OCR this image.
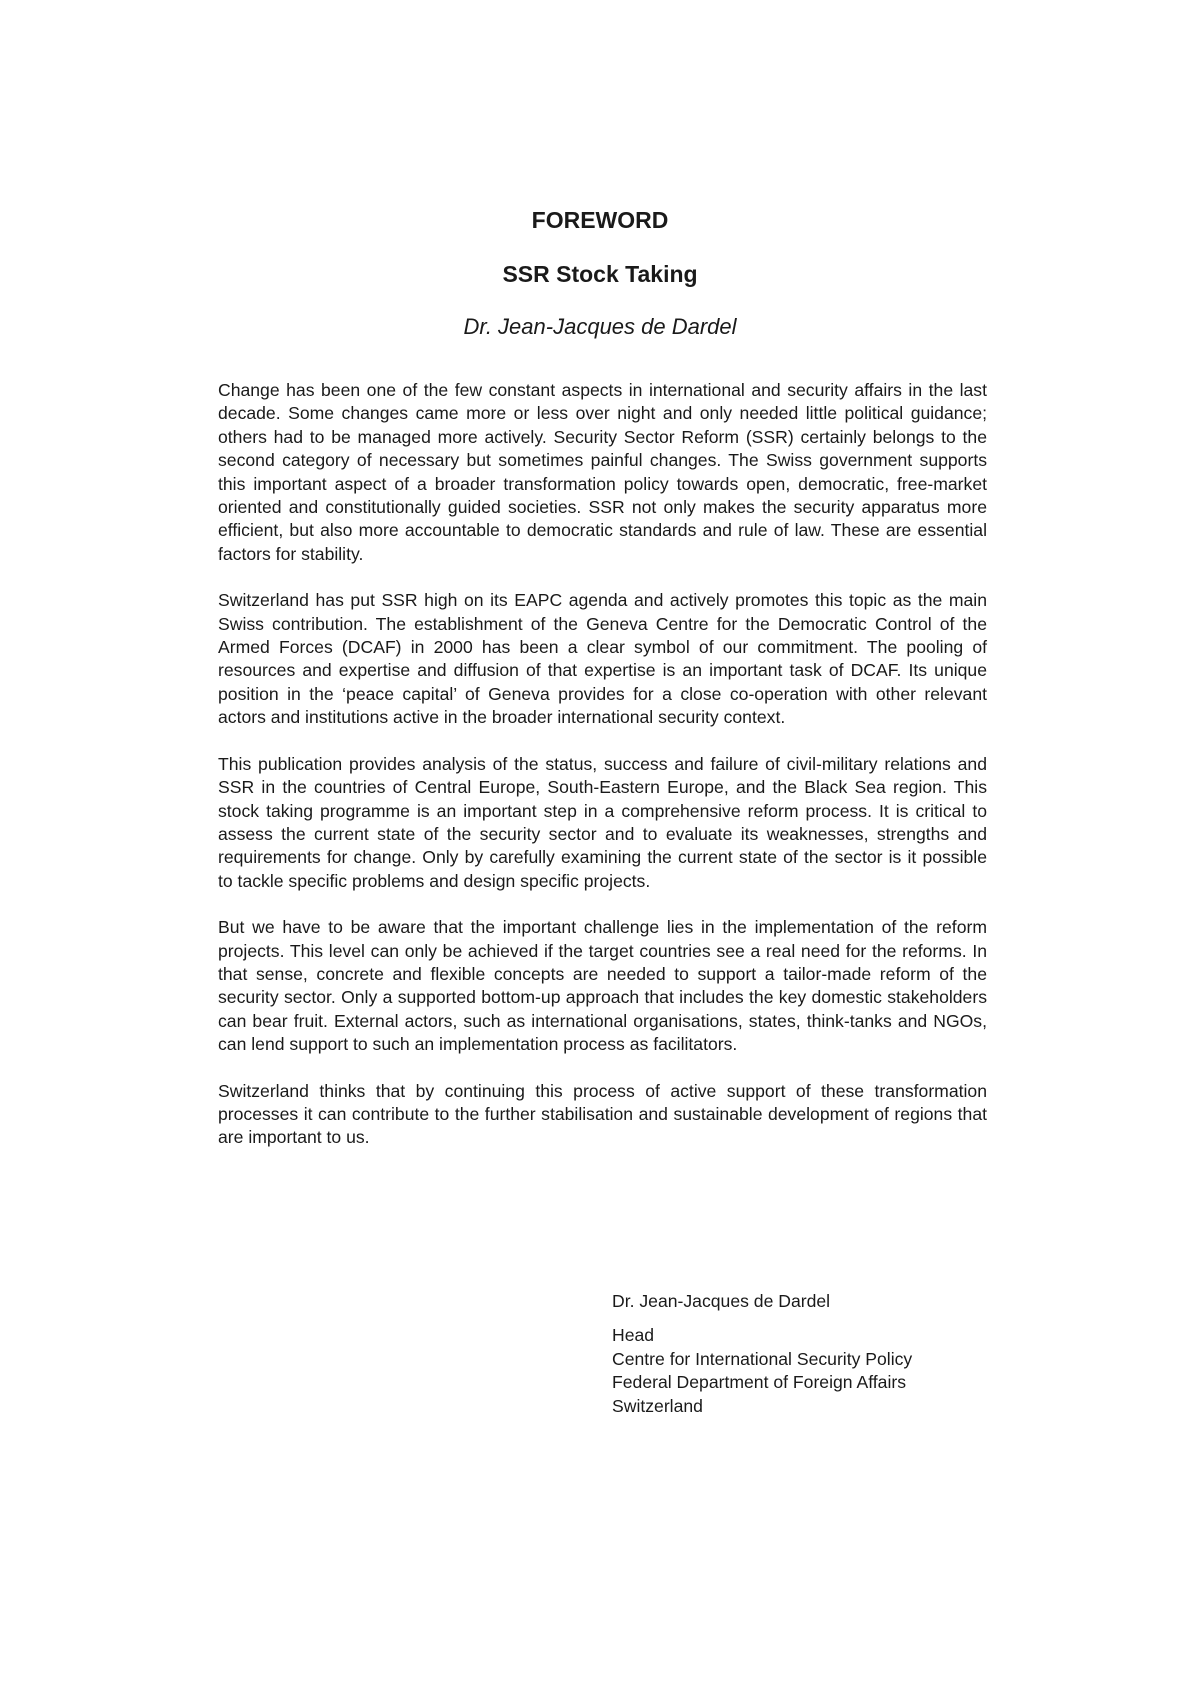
FOREWORD
SSR Stock Taking

Dr. Jean-Jacques de Dardel

Change has been one of the few constant aspects in international and security affairs in the last decade. Some changes came more or less over night and only needed little political guidance; others had to be managed more actively. Security Sector Reform (SSR) certainly belongs to the second category of necessary but sometimes painful changes. The Swiss government supports this important aspect of a broader transformation policy towards open, democratic, free-market oriented and constitutionally guided societies. SSR not only makes the security apparatus more efficient, but also more accountable to democratic standards and rule of law. These are essential factors for stability.

Switzerland has put SSR high on its EAPC agenda and actively promotes this topic as the main Swiss contribution. The establishment of the Geneva Centre for the Democratic Control of the Armed Forces (DCAF) in 2000 has been a clear symbol of our commitment. The pooling of resources and expertise and diffusion of that expertise is an important task of DCAF. Its unique position in the ‘peace capital’ of Geneva provides for a close co-operation with other relevant actors and institutions active in the broader international security context.

This publication provides analysis of the status, success and failure of civil-military relations and SSR in the countries of Central Europe, South-Eastern Europe, and the Black Sea region. This stock taking programme is an important step in a comprehensive reform process. It is critical to assess the current state of the security sector and to evaluate its weaknesses, strengths and requirements for change. Only by carefully examining the current state of the sector is it possible to tackle specific problems and design specific projects.

But we have to be aware that the important challenge lies in the implementation of the reform projects. This level can only be achieved if the target countries see a real need for the reforms. In that sense, concrete and flexible concepts are needed to support a tailor-made reform of the security sector. Only a supported bottom-up approach that includes the key domestic stakeholders can bear fruit. External actors, such as international organisations, states, think-tanks and NGOs, can lend support to such an implementation process as facilitators.

Switzerland thinks that by continuing this process of active support of these transformation processes it can contribute to the further stabilisation and sustainable development of regions that are important to us.

Dr. Jean-Jacques de Dardel

Head

Centre for International Security Policy

Federal Department of Foreign Affairs

Switzerland
